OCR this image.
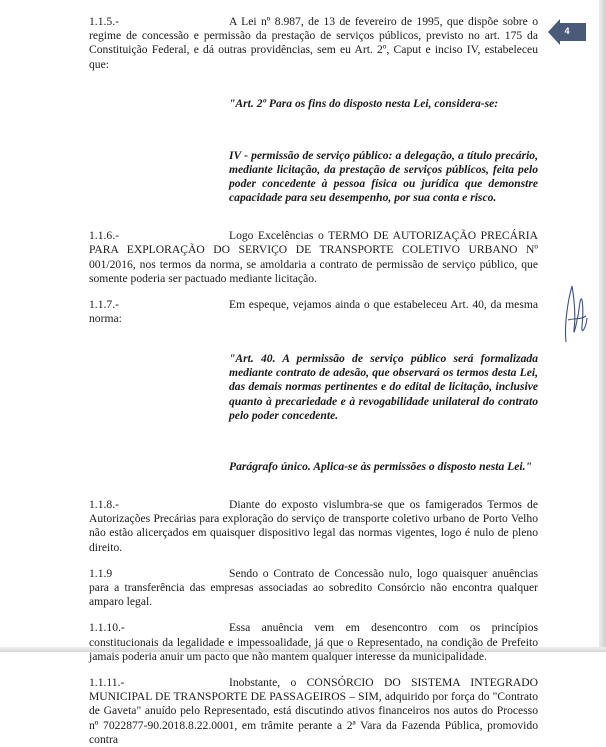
4

1.1.5.-	A Lei nº 8.987, de 13 de fevereiro de 1995, que dispõe sobre o regime de concessão e permissão da prestação de serviços públicos, previsto no art. 175 da Constituição Federal, e dá outras providências, sem eu Art. 2º, Caput e inciso IV, estabeleceu que:

"Art. 2º Para os fins do disposto nesta Lei, considera-se:

IV - permissão de serviço público: a delegação, a título precário, mediante licitação, da prestação de serviços públicos, feita pelo poder concedente à pessoa física ou jurídica que demonstre capacidade para seu desempenho, por sua conta e risco.

1.1.6.-	Logo Excelências o TERMO DE AUTORIZAÇÃO PRECÁRIA PARA EXPLORAÇÃO DO SERVIÇO DE TRANSPORTE COLETIVO URBANO Nº 001/2016, nos termos da norma, se amoldaria a contrato de permissão de serviço público, que somente poderia ser pactuado mediante licitação.

1.1.7.-	Em espeque, vejamos ainda o que estabeleceu Art. 40, da mesma norma:

"Art. 40. A permissão de serviço público será formalizada mediante contrato de adesão, que observará os termos desta Lei, das demais normas pertinentes e do edital de licitação, inclusive quanto à precariedade e à revogabilidade unilateral do contrato pelo poder concedente.

Parágrafo único. Aplica-se às permissões o disposto nesta Lei."

1.1.8.-	Diante do exposto vislumbra-se que os famigerados Termos de Autorizações Precárias para exploração do serviço de transporte coletivo urbano de Porto Velho não estão alicerçados em quaisquer dispositivo legal das normas vigentes, logo é nulo de pleno direito.

1.1.9	Sendo o Contrato de Concessão nulo, logo quaisquer anuências para a transferência das empresas associadas ao sobredito Consórcio não encontra qualquer amparo legal.

1.1.10.-	Essa anuência vem em desencontro com os princípios constitucionais da legalidade e impessoalidade, já que o Representado, na condição de Prefeito jamais poderia anuir um pacto que não mantem qualquer interesse da municipalidade.

1.1.11.-	Inobstante, o CONSÓRCIO DO SISTEMA INTEGRADO MUNICIPAL DE TRANSPORTE DE PASSAGEIROS – SIM, adquirido por força do "Contrato de Gaveta" anuído pelo Representado, está discutindo ativos financeiros nos autos do Processo nº 7022877-90.2018.8.22.0001, em trâmite perante a 2ª Vara da Fazenda Pública, promovido contra
